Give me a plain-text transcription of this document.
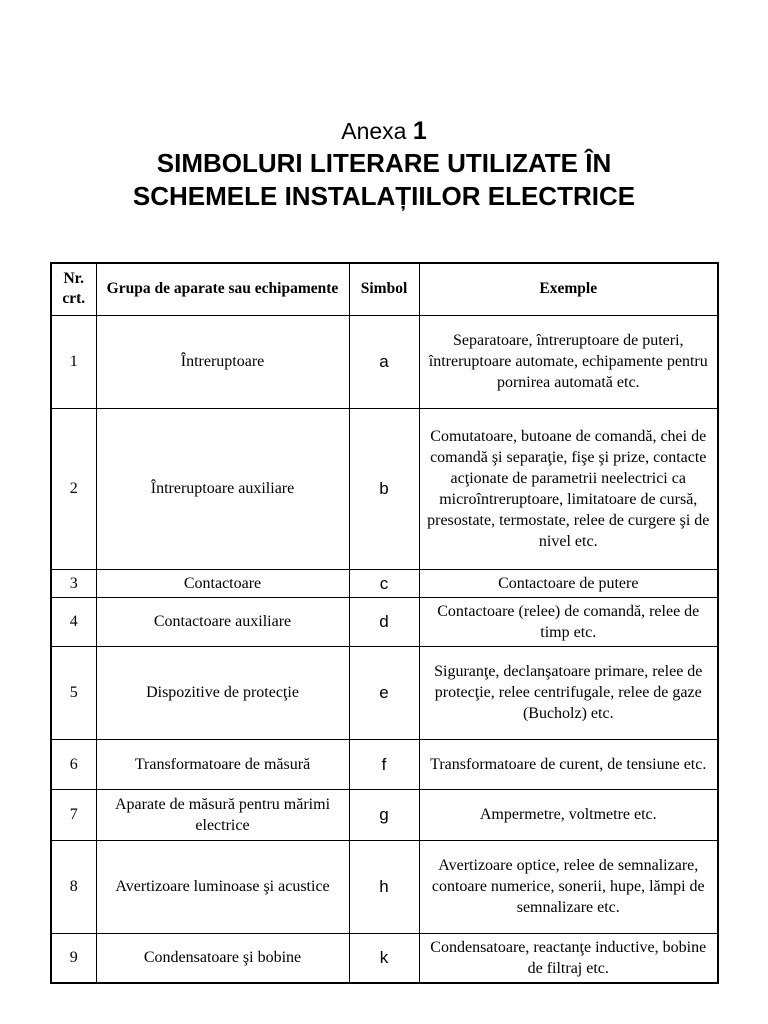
Anexa 1
SIMBOLURI LITERARE UTILIZATE ÎN
SCHEMELE INSTALAȚIILOR ELECTRICE
Nr. crt.	Grupa de aparate sau echipamente	Simbol	Exemple
1	Întreruptoare	a	Separatoare, întreruptoare de puteri, întreruptoare automate, echipamente pentru pornirea automată etc.
2	Întreruptoare auxiliare	b	Comutatoare, butoane de comandă, chei de comandă şi separaţie, fişe şi prize, contacte acţionate de parametrii neelectrici ca microîntreruptoare, limitatoare de cursă, presostate, termostate, relee de curgere şi de nivel etc.
3	Contactoare	c	Contactoare de putere
4	Contactoare auxiliare	d	Contactoare (relee) de comandă, relee de timp etc.
5	Dispozitive de protecţie	e	Siguranţe, declanşatoare primare, relee de protecţie, relee centrifugale, relee de gaze (Bucholz) etc.
6	Transformatoare de măsură	f	Transformatoare de curent, de tensiune etc.
7	Aparate de măsură pentru mărimi electrice	g	Ampermetre, voltmetre etc.
8	Avertizoare luminoase şi acustice	h	Avertizoare optice, relee de semnalizare, contoare numerice, sonerii, hupe, lămpi de semnalizare etc.
9	Condensatoare şi bobine	k	Condensatoare, reactanţe inductive, bobine de filtraj etc.
